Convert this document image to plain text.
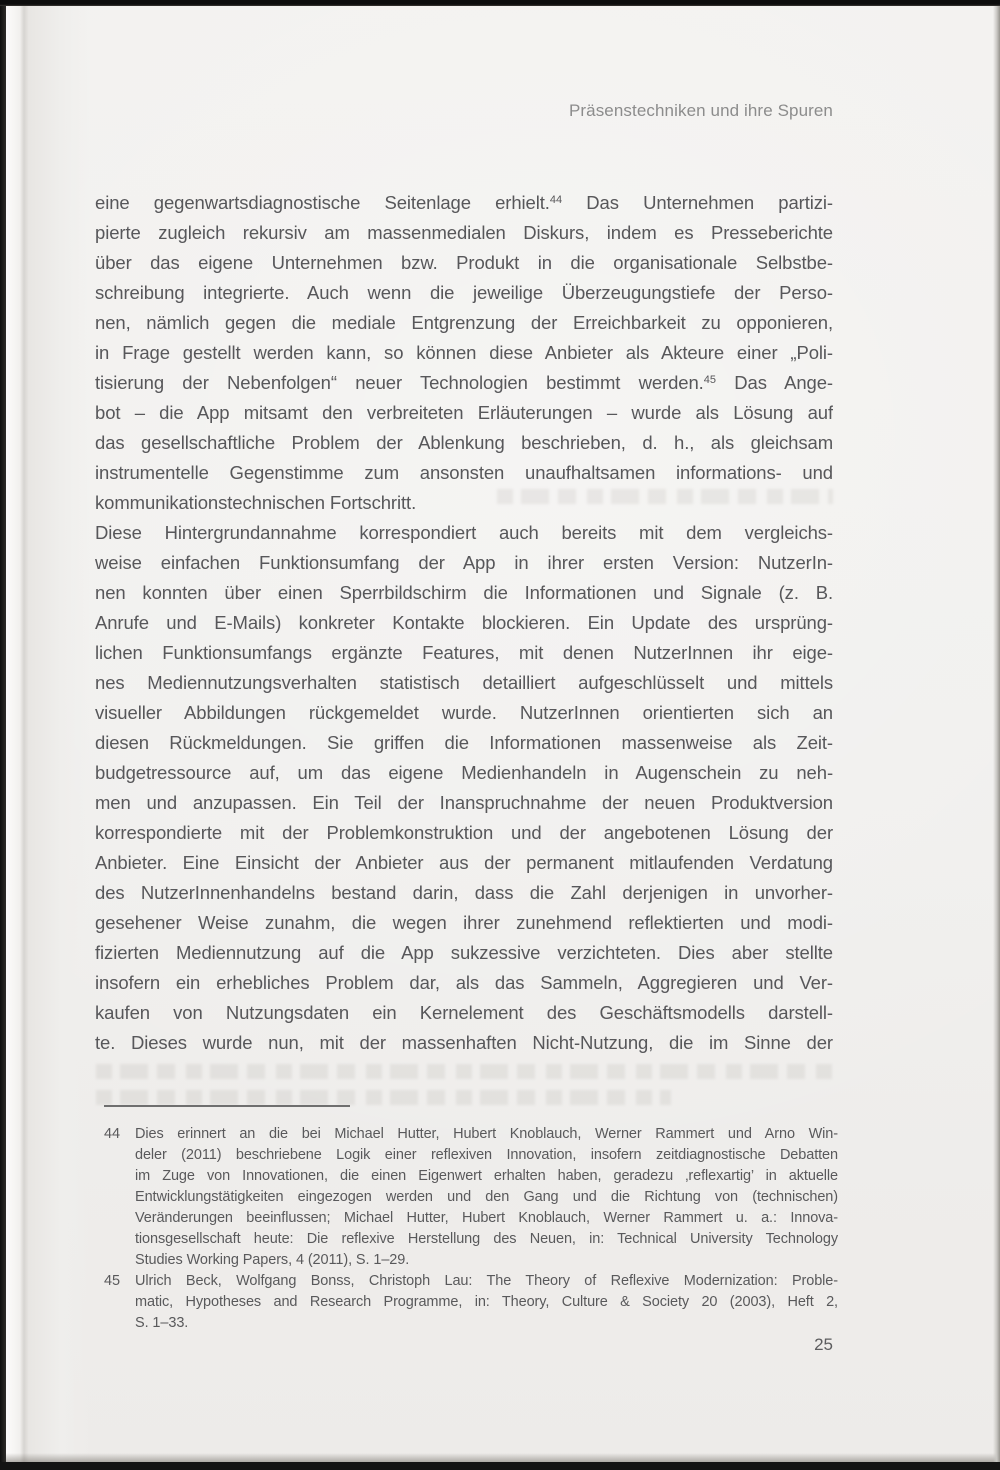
Präsenstechniken und ihre Spuren
eine gegenwartsdiagnostische Seitenlage erhielt.$^{44}$ Das Unternehmen partizi-
pierte zugleich rekursiv am massenmedialen Diskurs, indem es Presseberichte
über das eigene Unternehmen bzw. Produkt in die organisationale Selbstbe-
schreibung integrierte. Auch wenn die jeweilige Überzeugungstiefe der Perso-
nen, nämlich gegen die mediale Entgrenzung der Erreichbarkeit zu opponieren,
in Frage gestellt werden kann, so können diese Anbieter als Akteure einer „Poli-
tisierung der Nebenfolgen“ neuer Technologien bestimmt werden.$^{45}$ Das Ange-
bot – die App mitsamt den verbreiteten Erläuterungen – wurde als Lösung auf
das gesellschaftliche Problem der Ablenkung beschrieben, d. h., als gleichsam
instrumentelle Gegenstimme zum ansonsten unaufhaltsamen informations- und
kommunikationstechnischen Fortschritt.
Diese Hintergrundannahme korrespondiert auch bereits mit dem vergleichs-
weise einfachen Funktionsumfang der App in ihrer ersten Version: NutzerIn-
nen konnten über einen Sperrbildschirm die Informationen und Signale (z. B.
Anrufe und E-Mails) konkreter Kontakte blockieren. Ein Update des ursprüng-
lichen Funktionsumfangs ergänzte Features, mit denen NutzerInnen ihr eige-
nes Mediennutzungsverhalten statistisch detailliert aufgeschlüsselt und mittels
visueller Abbildungen rückgemeldet wurde. NutzerInnen orientierten sich an
diesen Rückmeldungen. Sie griffen die Informationen massenweise als Zeit-
budgetressource auf, um das eigene Medienhandeln in Augenschein zu neh-
men und anzupassen. Ein Teil der Inanspruchnahme der neuen Produktversion
korrespondierte mit der Problemkonstruktion und der angebotenen Lösung der
Anbieter. Eine Einsicht der Anbieter aus der permanent mitlaufenden Verdatung
des NutzerInnenhandelns bestand darin, dass die Zahl derjenigen in unvorher-
gesehener Weise zunahm, die wegen ihrer zunehmend reflektierten und modi-
fizierten Mediennutzung auf die App sukzessive verzichteten. Dies aber stellte
insofern ein erhebliches Problem dar, als das Sammeln, Aggregieren und Ver-
kaufen von Nutzungsdaten ein Kernelement des Geschäftsmodells darstell-
te. Dieses wurde nun, mit der massenhaften Nicht-Nutzung, die im Sinne der
44	Dies erinnert an die bei Michael Hutter, Hubert Knoblauch, Werner Rammert und Arno Win-
deler (2011) beschriebene Logik einer reflexiven Innovation, insofern zeitdiagnostische Debatten
im Zuge von Innovationen, die einen Eigenwert erhalten haben, geradezu ‚reflexartig’ in aktuelle
Entwicklungstätigkeiten eingezogen werden und den Gang und die Richtung von (technischen)
Veränderungen beeinflussen; Michael Hutter, Hubert Knoblauch, Werner Rammert u. a.: Innova-
tionsgesellschaft heute: Die reflexive Herstellung des Neuen, in: Technical University Technology
Studies Working Papers, 4 (2011), S. 1–29.
45	Ulrich Beck, Wolfgang Bonss, Christoph Lau: The Theory of Reflexive Modernization: Proble-
matic, Hypotheses and Research Programme, in: Theory, Culture & Society 20 (2003), Heft 2,
S. 1–33.
25
